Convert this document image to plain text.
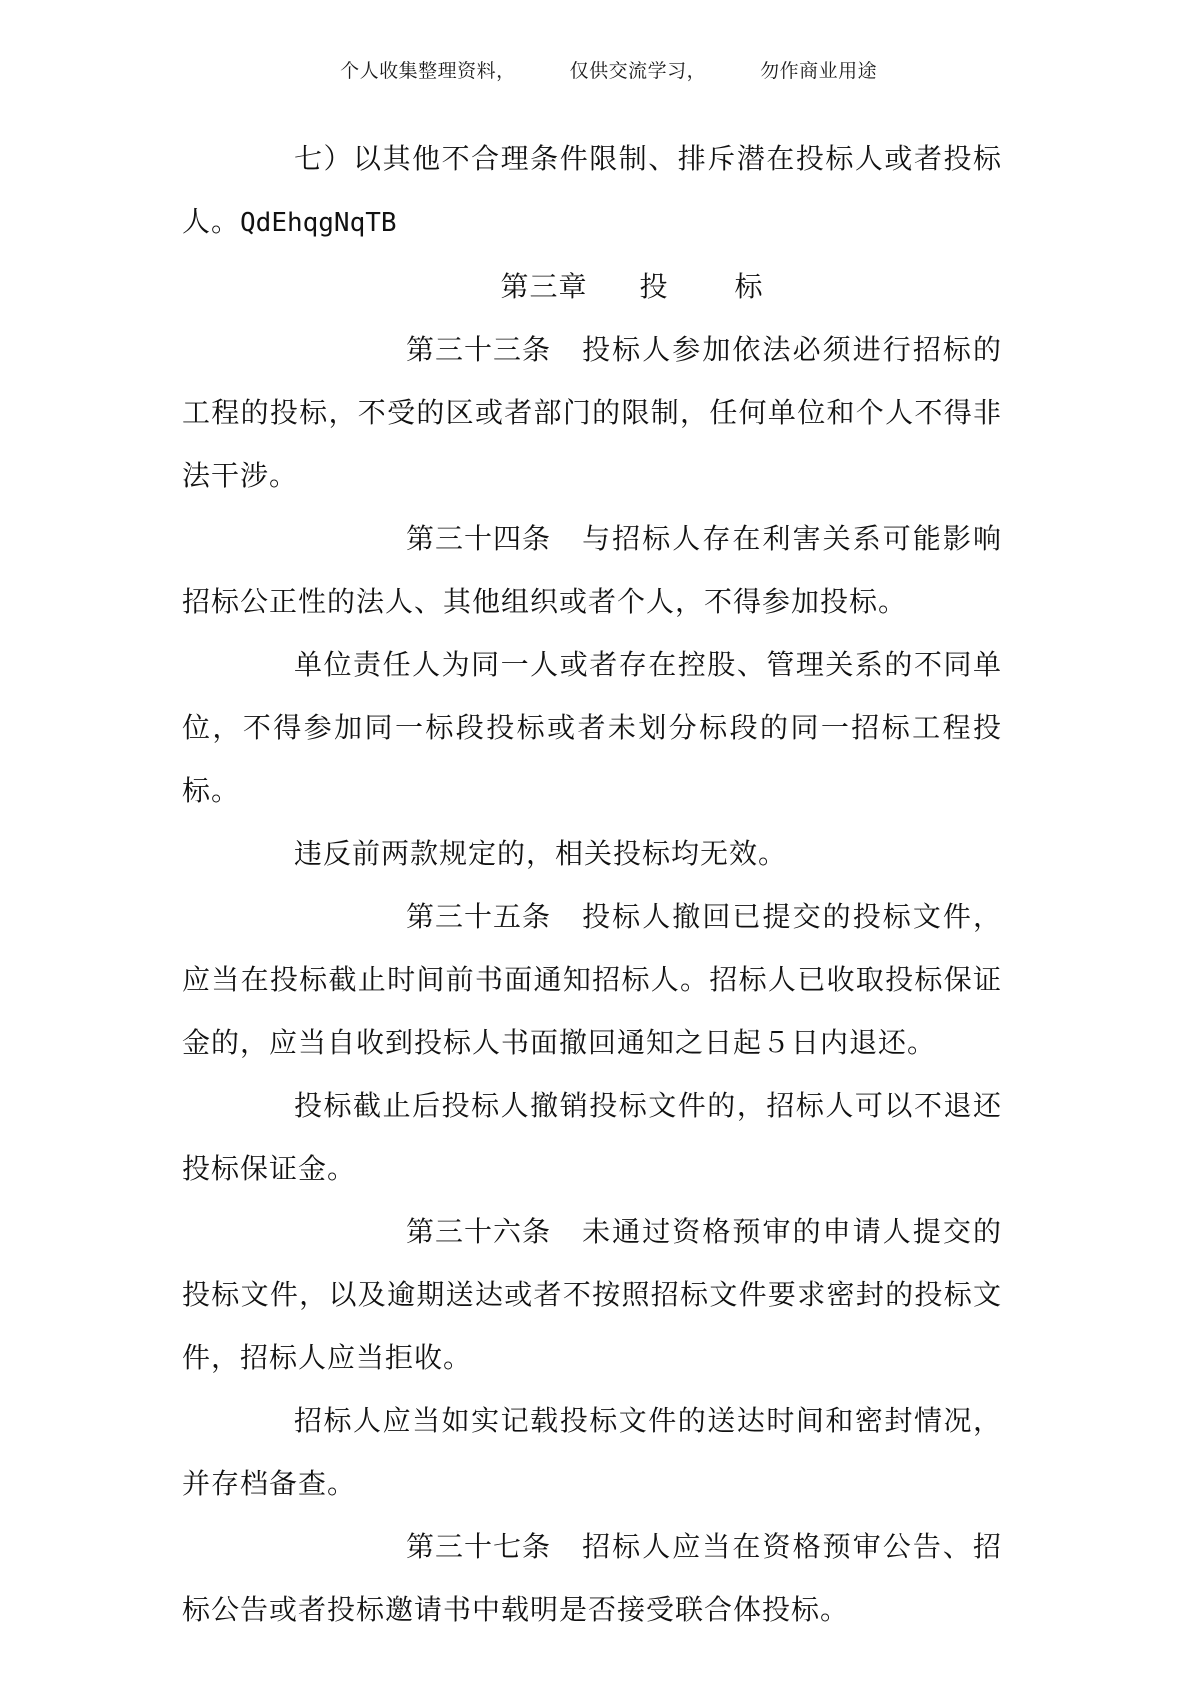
个人收集整理资料，	仅供交流学习，	勿作商业用途

七）以其他不合理条件限制、排斥潜在投标人或者投标人。QdEhqgNqTB

第三章 投 标

第三十三条 投标人参加依法必须进行招标的工程的投标，不受的区或者部门的限制，任何单位和个人不得非法干涉。

第三十四条 与招标人存在利害关系可能影响招标公正性的法人、其他组织或者个人，不得参加投标。

单位责任人为同一人或者存在控股、管理关系的不同单位，不得参加同一标段投标或者未划分标段的同一招标工程投标。

违反前两款规定的，相关投标均无效。

第三十五条 投标人撤回已提交的投标文件，应当在投标截止时间前书面通知招标人。招标人已收取投标保证金的，应当自收到投标人书面撤回通知之日起５日内退还。

投标截止后投标人撤销投标文件的，招标人可以不退还投标保证金。

第三十六条 未通过资格预审的申请人提交的投标文件，以及逾期送达或者不按照招标文件要求密封的投标文件，招标人应当拒收。

招标人应当如实记载投标文件的送达时间和密封情况，并存档备查。

第三十七条 招标人应当在资格预审公告、招标公告或者投标邀请书中载明是否接受联合体投标。
